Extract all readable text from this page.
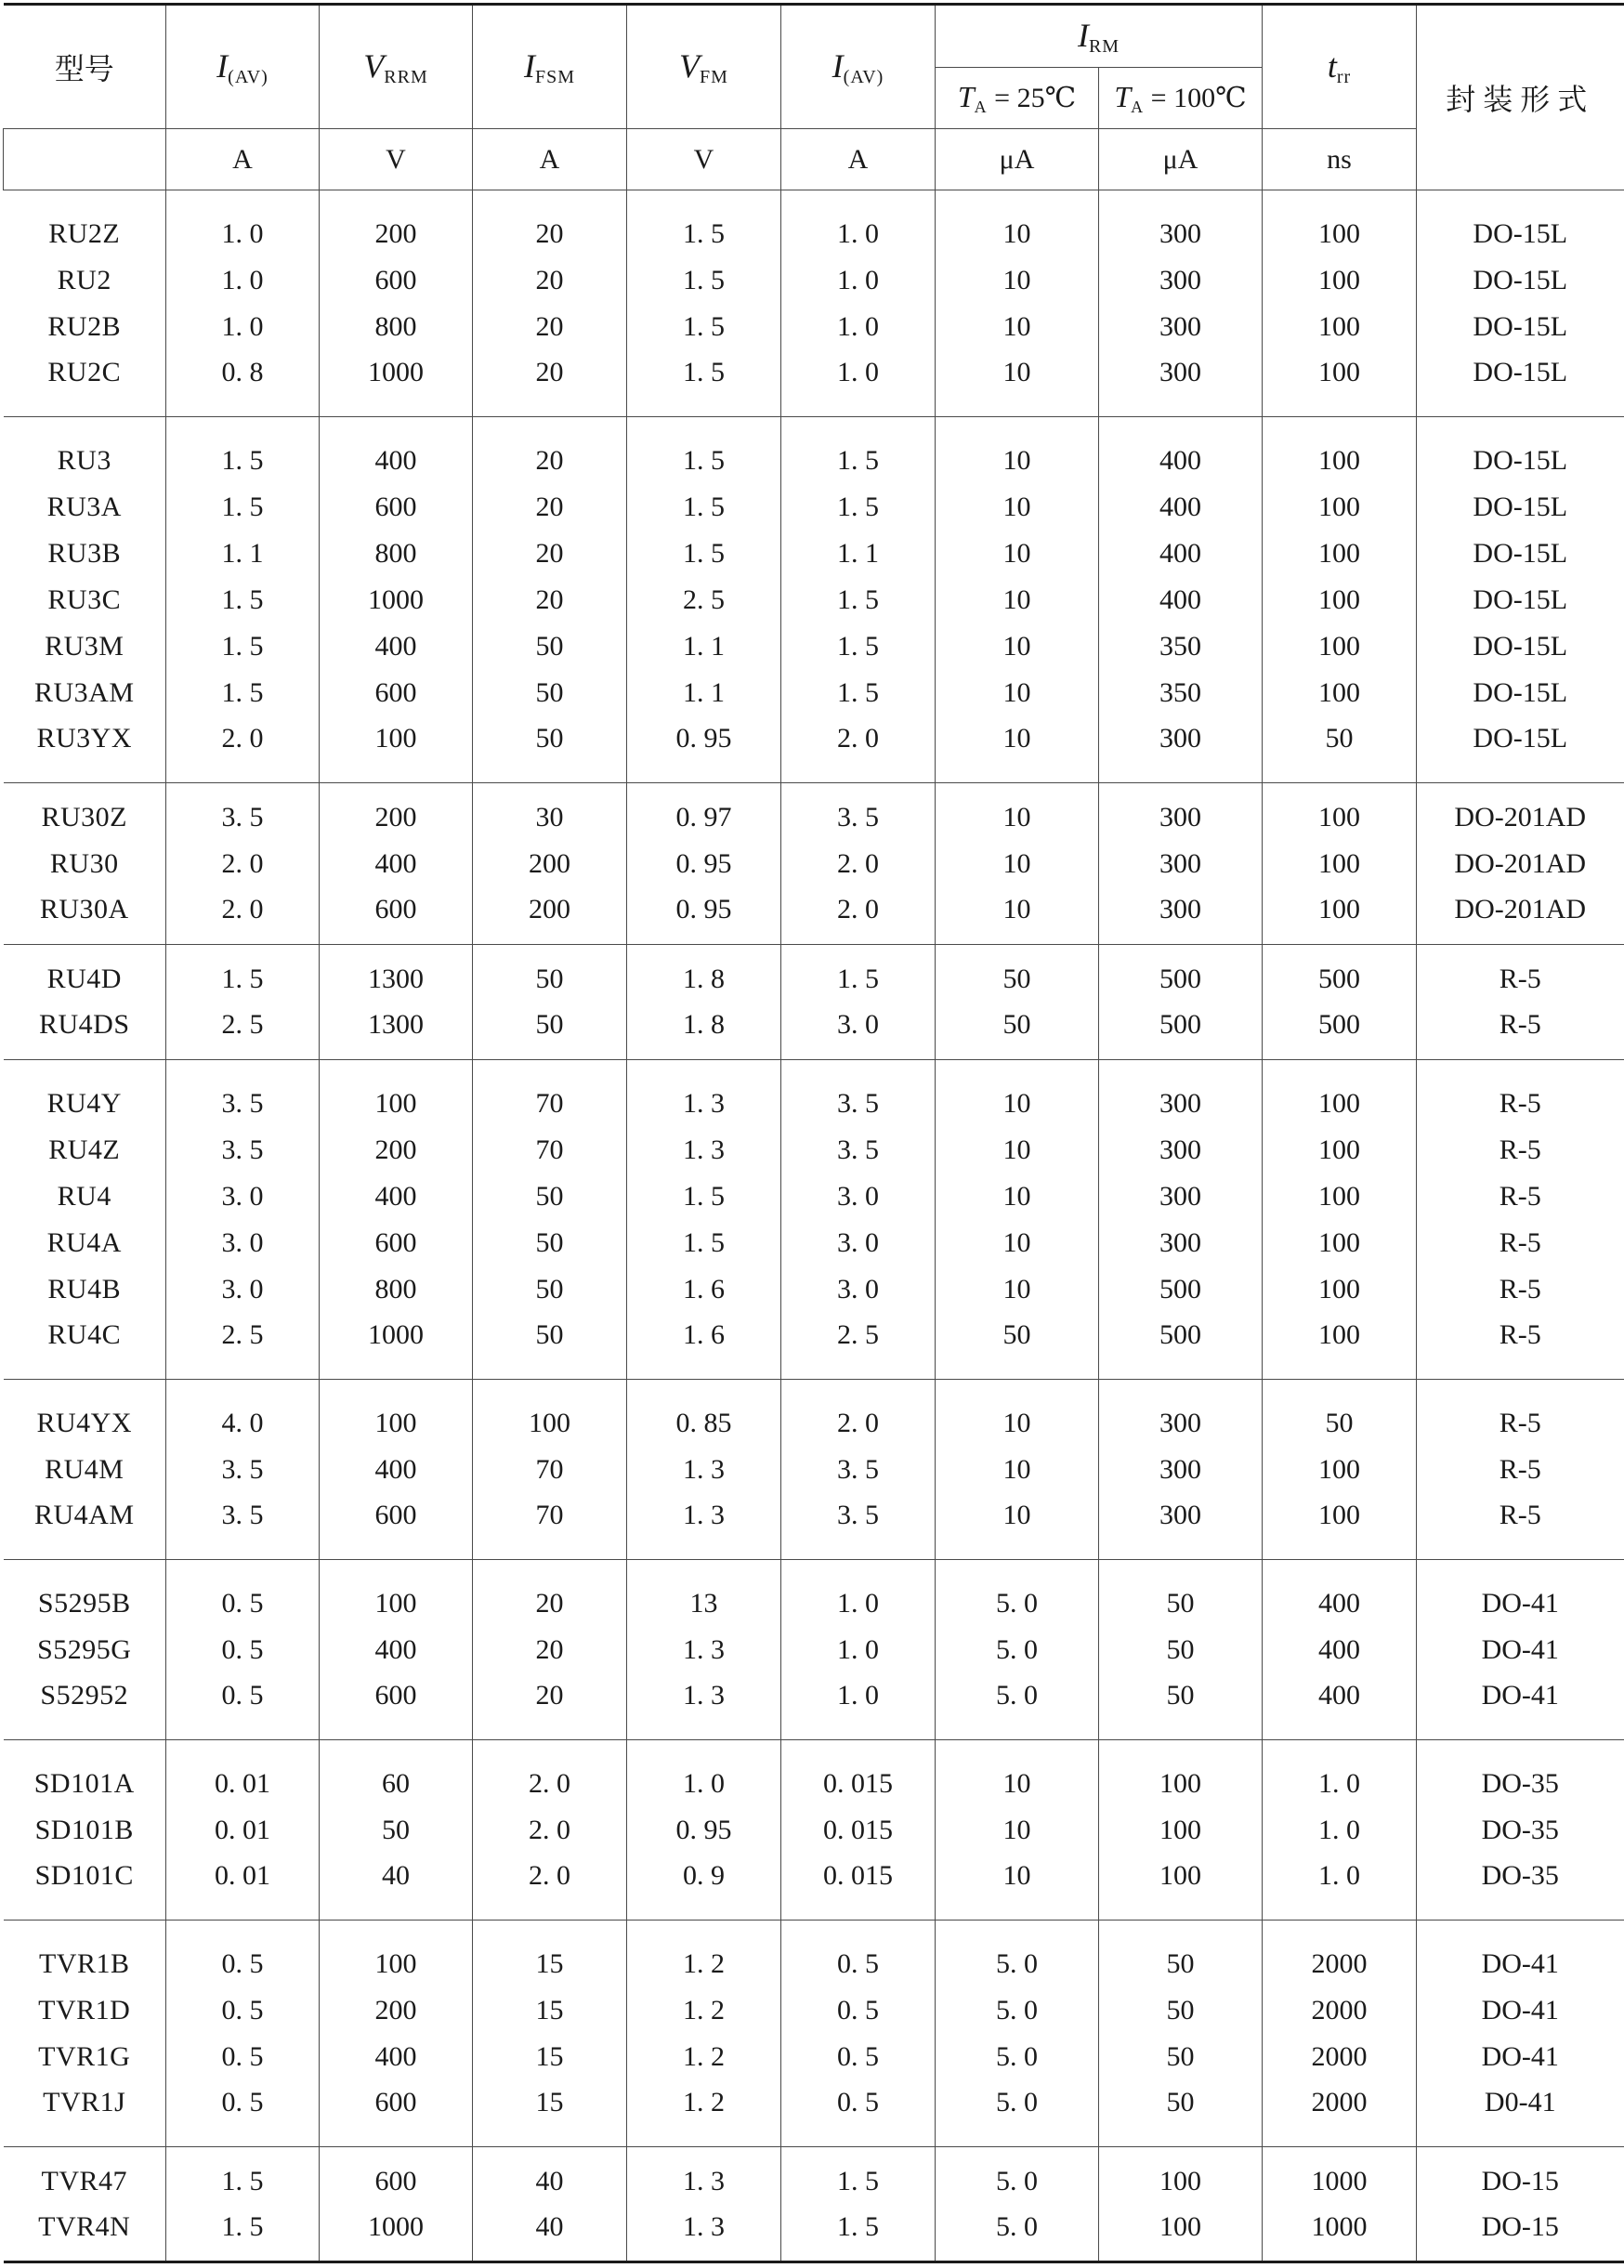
型号	$I_{(AV)}$	$V_{RRM}$	$I_{FSM}$	$V_{FM}$	$I_{(AV)}$	$I_{RM}$		$t_{rr}$	封装形式
						$T_A$ = 25℃	$T_A$ = 100℃		
	A	V	A	V	A	μA	μA	ns	
RU2Z	1. 0	200	20	1. 5	1. 0	10	300	100	DO-15L
RU2	1. 0	600	20	1. 5	1. 0	10	300	100	DO-15L
RU2B	1. 0	800	20	1. 5	1. 0	10	300	100	DO-15L
RU2C	0. 8	1000	20	1. 5	1. 0	10	300	100	DO-15L
RU3	1. 5	400	20	1. 5	1. 5	10	400	100	DO-15L
RU3A	1. 5	600	20	1. 5	1. 5	10	400	100	DO-15L
RU3B	1. 1	800	20	1. 5	1. 1	10	400	100	DO-15L
RU3C	1. 5	1000	20	2. 5	1. 5	10	400	100	DO-15L
RU3M	1. 5	400	50	1. 1	1. 5	10	350	100	DO-15L
RU3AM	1. 5	600	50	1. 1	1. 5	10	350	100	DO-15L
RU3YX	2. 0	100	50	0. 95	2. 0	10	300	50	DO-15L
RU30Z	3. 5	200	30	0. 97	3. 5	10	300	100	DO-201AD
RU30	2. 0	400	200	0. 95	2. 0	10	300	100	DO-201AD
RU30A	2. 0	600	200	0. 95	2. 0	10	300	100	DO-201AD
RU4D	1. 5	1300	50	1. 8	1. 5	50	500	500	R-5
RU4DS	2. 5	1300	50	1. 8	3. 0	50	500	500	R-5
RU4Y	3. 5	100	70	1. 3	3. 5	10	300	100	R-5
RU4Z	3. 5	200	70	1. 3	3. 5	10	300	100	R-5
RU4	3. 0	400	50	1. 5	3. 0	10	300	100	R-5
RU4A	3. 0	600	50	1. 5	3. 0	10	300	100	R-5
RU4B	3. 0	800	50	1. 6	3. 0	10	500	100	R-5
RU4C	2. 5	1000	50	1. 6	2. 5	50	500	100	R-5
RU4YX	4. 0	100	100	0. 85	2. 0	10	300	50	R-5
RU4M	3. 5	400	70	1. 3	3. 5	10	300	100	R-5
RU4AM	3. 5	600	70	1. 3	3. 5	10	300	100	R-5
S5295B	0. 5	100	20	13	1. 0	5. 0	50	400	DO-41
S5295G	0. 5	400	20	1. 3	1. 0	5. 0	50	400	DO-41
S52952	0. 5	600	20	1. 3	1. 0	5. 0	50	400	DO-41
SD101A	0. 01	60	2. 0	1. 0	0. 015	10	100	1. 0	DO-35
SD101B	0. 01	50	2. 0	0. 95	0. 015	10	100	1. 0	DO-35
SD101C	0. 01	40	2. 0	0. 9	0. 015	10	100	1. 0	DO-35
TVR1B	0. 5	100	15	1. 2	0. 5	5. 0	50	2000	DO-41
TVR1D	0. 5	200	15	1. 2	0. 5	5. 0	50	2000	DO-41
TVR1G	0. 5	400	15	1. 2	0. 5	5. 0	50	2000	DO-41
TVR1J	0. 5	600	15	1. 2	0. 5	5. 0	50	2000	D0-41
TVR47	1. 5	600	40	1. 3	1. 5	5. 0	100	1000	DO-15
TVR4N	1. 5	1000	40	1. 3	1. 5	5. 0	100	1000	DO-15
